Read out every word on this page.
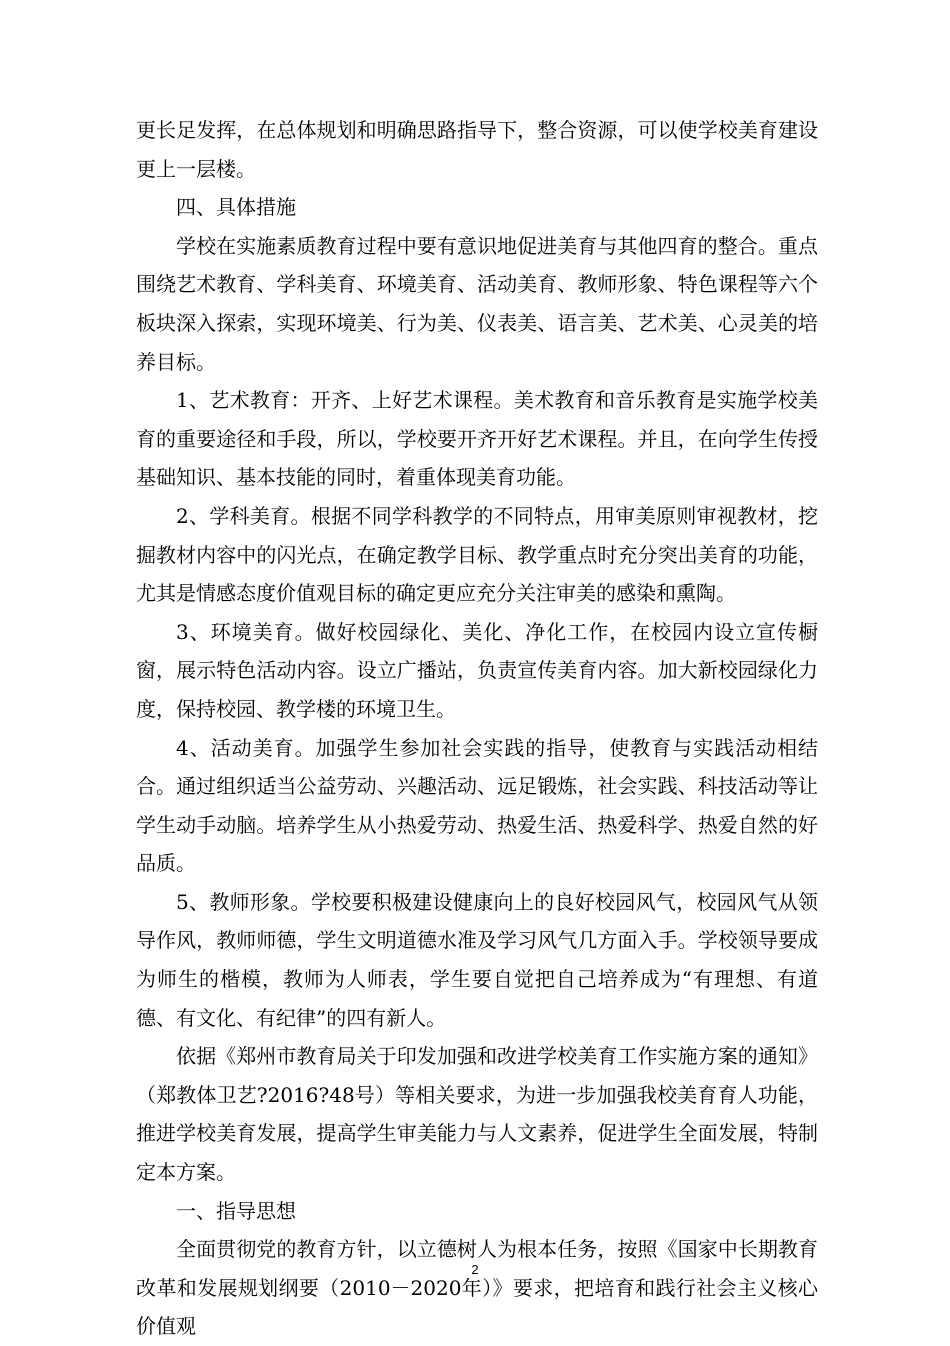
更长足发挥，在总体规划和明确思路指导下，整合资源，可以使学校美育建设更上一层楼。

四、具体措施

学校在实施素质教育过程中要有意识地促进美育与其他四育的整合。重点围绕艺术教育、学科美育、环境美育、活动美育、教师形象、特色课程等六个板块深入探索，实现环境美、行为美、仪表美、语言美、艺术美、心灵美的培养目标。

1、艺术教育：开齐、上好艺术课程。美术教育和音乐教育是实施学校美育的重要途径和手段，所以，学校要开齐开好艺术课程。并且，在向学生传授基础知识、基本技能的同时，着重体现美育功能。

2、学科美育。根据不同学科教学的不同特点，用审美原则审视教材，挖掘教材内容中的闪光点，在确定教学目标、教学重点时充分突出美育的功能，尤其是情感态度价值观目标的确定更应充分关注审美的感染和熏陶。

3、环境美育。做好校园绿化、美化、净化工作，在校园内设立宣传橱窗，展示特色活动内容。设立广播站，负责宣传美育内容。加大新校园绿化力度，保持校园、教学楼的环境卫生。

4、活动美育。加强学生参加社会实践的指导，使教育与实践活动相结合。通过组织适当公益劳动、兴趣活动、远足锻炼，社会实践、科技活动等让学生动手动脑。培养学生从小热爱劳动、热爱生活、热爱科学、热爱自然的好品质。

5、教师形象。学校要积极建设健康向上的良好校园风气，校园风气从领导作风，教师师德，学生文明道德水准及学习风气几方面入手。学校领导要成为师生的楷模，教师为人师表，学生要自觉把自己培养成为“有理想、有道德、有文化、有纪律”的四有新人。

依据《郑州市教育局关于印发加强和改进学校美育工作实施方案的通知》（郑教体卫艺?2016?48号）等相关要求，为进一步加强我校美育育人功能，推进学校美育发展，提高学生审美能力与人文素养，促进学生全面发展，特制定本方案。

一、指导思想

全面贯彻党的教育方针，以立德树人为根本任务，按照《国家中长期教育改革和发展规划纲要（2010－2020年）》要求，把培育和践行社会主义核心价值观

2
